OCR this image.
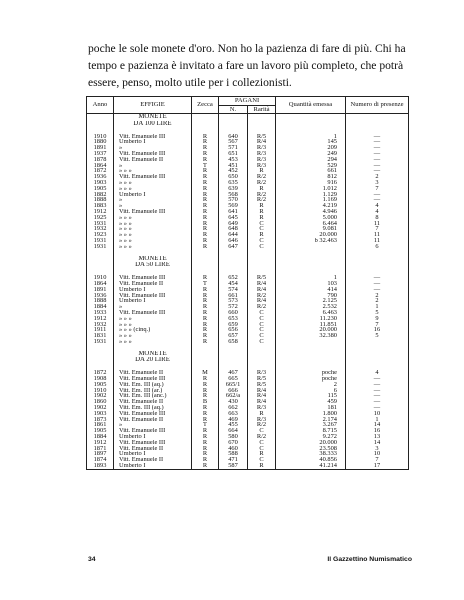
poche le sole monete d'oro. Non ho la pazienza di fare di più. Chi ha
tempo e pazienza è invitato a fare un lavoro più completo, che potrà
essere, penso, molto utile per i collezionisti.
Anno	EFFIGIE	Zecca	PAGANI		Quantità emessa	Numero di presenze
			N.	Rarità		
	MONETE					
	DA 100 LIRE					

1910	Vitt. Emanuele III	R	640	R/5	1	—
1880	Umberto I	R	567	R/4	145	—
1891	»	R	571	R/3	209	—
1937	Vitt. Emanuele III	R	651	R/3	249	—
1878	Vitt. Emanuele II	R	453	R/3	294	—
1864	»	T	451	R/3	529	—
1872	» » »	R	452	R	661	—
1936	Vitt. Emanuele III	R	650	R/2	812	2
1903	» » »	R	635	R/2	916	3
1905	» » »	R	639	R	1.012	7
1882	Umberto I	R	568	R/2	1.129	—
1888	»	R	570	R/2	1.169	—
1883	»	R	569	R	4.219	4
1912	Vitt. Emanuele III	R	641	R	4.946	4
1925	» » »	R	645	R	5.000	8
1931	» » »	R	649	C	6.464	11
1932	» » »	R	648	C	9.081	7
1923	» » »	R	644	R	20.000	11
1931	» » »	R	646	C	b 32.463	11
1931	» » »	R	647	C		6

	MONETE					
	DA 50 LIRE					

1910	Vitt. Emanuele III	R	652	R/5	1	—
1864	Vitt. Emanuele II	T	454	R/4	103	—
1891	Umberto I	R	574	R/4	414	—
1936	Vitt. Emanuele III	R	661	R/2	790	2
1888	Umberto I	R	573	R/4	2.125	2
1884	»	R	572	R/2	2.532	1
1933	Vitt. Emanuele III	R	660	C	6.463	5
1912	» » »	R	653	C	11.230	9
1932	» » »	R	659	C	11.851	7
1911	» » » (cinq.)	R	656	C	20.000	16
1831	» » »	R	657	C	32.380	5
1931	» » »	R	658	C		

	MONETE					
	DA 20 LIRE					

1872	Vitt. Emanuele II	M	467	R/3	poche	4
1908	Vitt. Emanuele III	R	665	R/5	poche	—
1905	Vitt. Em. III (aq.)	R	665/1	R/5	2	—
1910	Vitt. Em. III (ar.)	R	666	R/4	6	—
1902	Vitt. Em. III (anc.)	R	662/a	R/4	115	—
1860	Vitt. Emanuele II	B	430	R/4	459	—
1902	Vitt. Em. III (aq.)	R	662	R/3	181	—
1903	Vitt. Emanuele III	R	663	R	1.800	10
1873	Vitt. Emanuele II	R	469	R/3	2.174	1
1861	»	T	455	R/2	3.267	14
1905	Vitt. Emanuele III	R	664	C	8.715	16
1884	Umberto I	R	580	R/2	9.272	13
1912	Vitt. Emanuele III	R	670	C	20.000	14
1871	Vitt. Emanuele II	R	460	C	23.508	3
1897	Umberto I	R	588	R	38.333	10
1874	Vitt. Emanuele II	R	471	C	40.856	7
1893	Umberto I	R	587	R	41.214	17
34	Il Gazzettino Numismatico
